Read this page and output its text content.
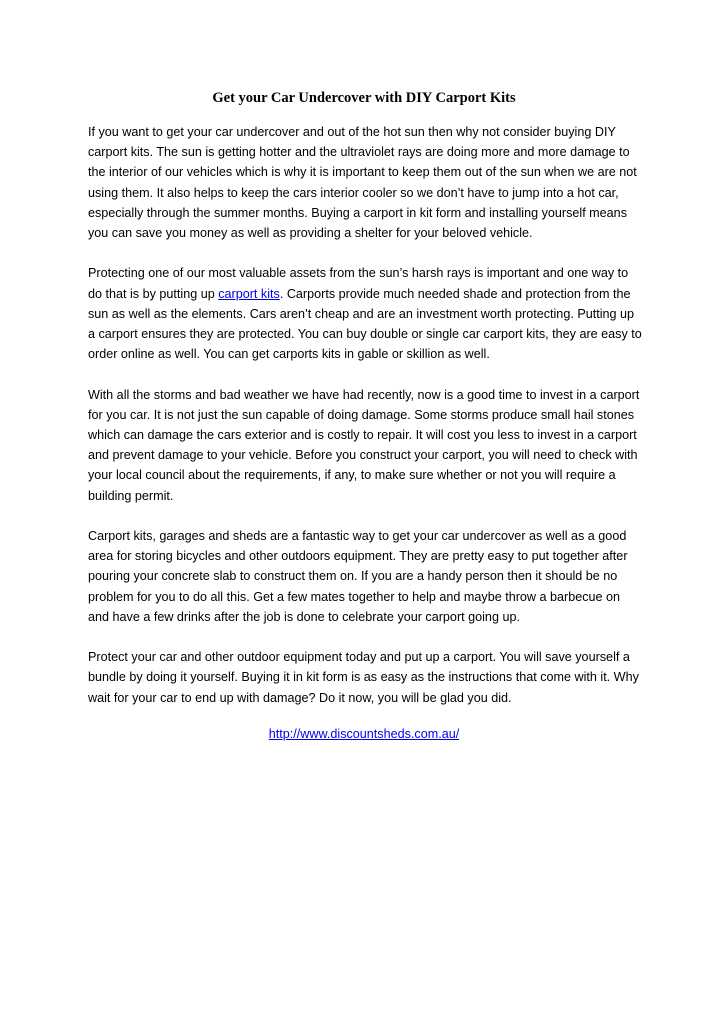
Get your Car Undercover with DIY Carport Kits

If you want to get your car undercover and out of the hot sun then why not consider buying DIY carport kits. The sun is getting hotter and the ultraviolet rays are doing more and more damage to the interior of our vehicles which is why it is important to keep them out of the sun when we are not using them. It also helps to keep the cars interior cooler so we don’t have to jump into a hot car, especially through the summer months. Buying a carport in kit form and installing yourself means you can save you money as well as providing a shelter for your beloved vehicle.

Protecting one of our most valuable assets from the sun’s harsh rays is important and one way to do that is by putting up carport kits. Carports provide much needed shade and protection from the sun as well as the elements. Cars aren’t cheap and are an investment worth protecting. Putting up a carport ensures they are protected. You can buy double or single car carport kits, they are easy to order online as well. You can get carports kits in gable or skillion as well.

With all the storms and bad weather we have had recently, now is a good time to invest in a carport for you car. It is not just the sun capable of doing damage. Some storms produce small hail stones which can damage the cars exterior and is costly to repair. It will cost you less to invest in a carport and prevent damage to your vehicle. Before you construct your carport, you will need to check with your local council about the requirements, if any, to make sure whether or not you will require a building permit.

Carport kits, garages and sheds are a fantastic way to get your car undercover as well as a good area for storing bicycles and other outdoors equipment. They are pretty easy to put together after pouring your concrete slab to construct them on. If you are a handy person then it should be no problem for you to do all this. Get a few mates together to help and maybe throw a barbecue on and have a few drinks after the job is done to celebrate your carport going up.

Protect your car and other outdoor equipment today and put up a carport. You will save yourself a bundle by doing it yourself. Buying it in kit form is as easy as the instructions that come with it. Why wait for your car to end up with damage? Do it now, you will be glad you did.

http://www.discountsheds.com.au/
